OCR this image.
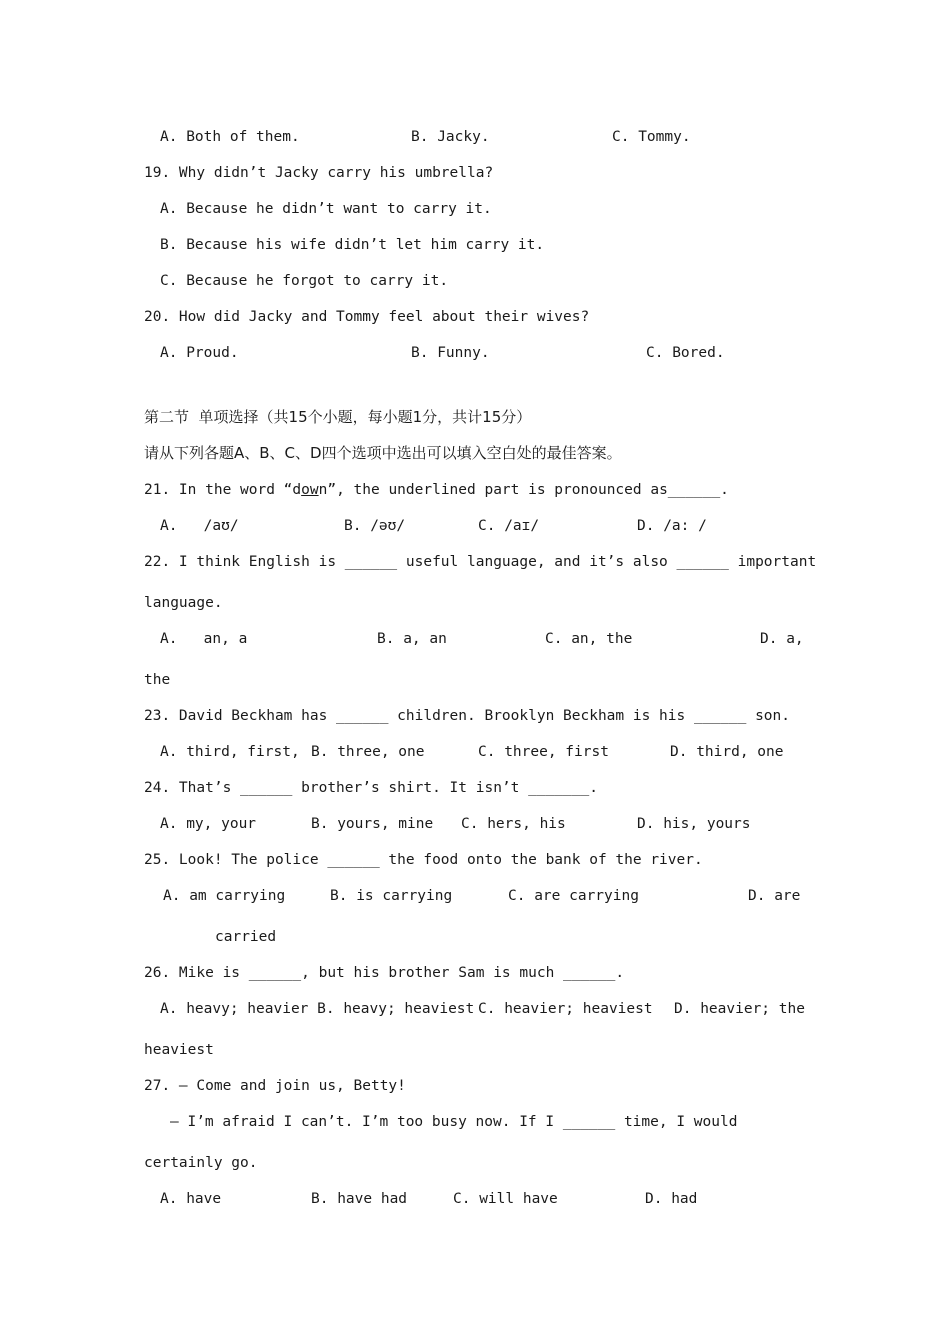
A. Both of them.	B. Jacky.	C. Tommy.
19. Why didn’t Jacky carry his umbrella?
A. Because he didn’t want to carry it.
B. Because his wife didn’t let him carry it.
C. Because he forgot to carry it.
20. How did Jacky and Tommy feel about their wives?
A. Proud.	B. Funny.	C. Bored.
第二节  单项选择（共15个小题，每小题1分，共计15分）
请从下列各题A、B、C、D四个选项中选出可以填入空白处的最佳答案。
21. In the word “down”, the underlined part is pronounced as______.
A.   /aʊ/	B. /əʊ/	C. /aɪ/	D. /a: /
22. I think English is ______ useful language, and it’s also ______ important
language.
A.   an, a	B. a, an	C. an, the	D. a,
the
23. David Beckham has ______ children. Brooklyn Beckham is his ______ son.
A. third, first, B. three, one	C. three, first	D. third, one
24. That’s ______ brother’s shirt. It isn’t _______.
A. my, your	B. yours, mine C. hers, his	D. his, yours
25. Look! The police ______ the food onto the bank of the river.
A. am carrying	B. is carrying	C. are carrying	D. are
carried
26. Mike is ______, but his brother Sam is much ______.
A. heavy; heavier B. heavy; heaviest C. heavier; heaviest D. heavier; the
heaviest
27. — Come and join us, Betty!
— I’m afraid I can’t. I’m too busy now. If I ______ time, I would
certainly go.
A. have	B. have had	C. will have	D. had
